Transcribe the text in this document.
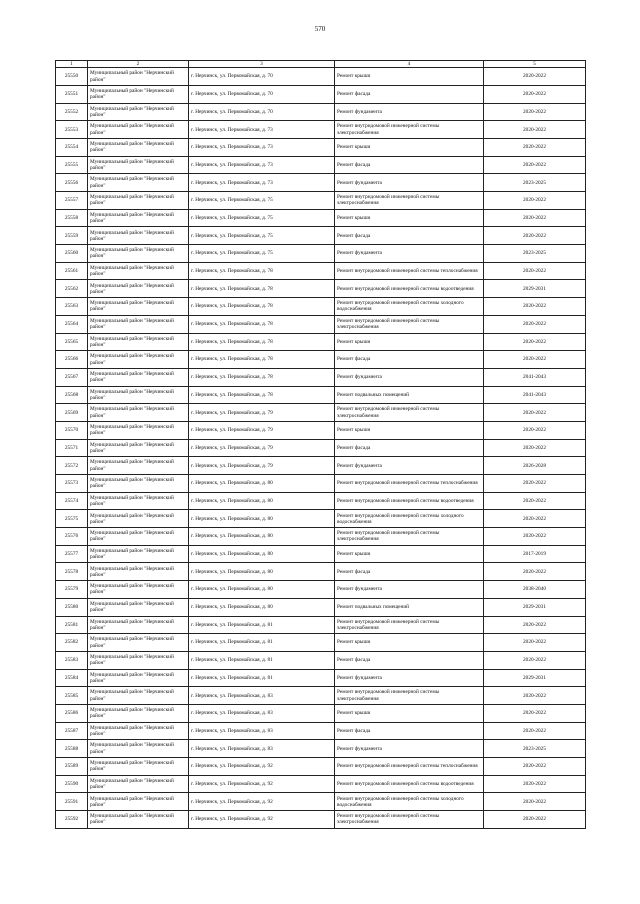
570
1	2	3	4	5
25550	Муниципальный район "Нерчинский район"	г. Нерчинск, ул. Первомайская, д. 70	Ремонт крыши	2020-2022
25551	Муниципальный район "Нерчинский район"	г. Нерчинск, ул. Первомайская, д. 70	Ремонт фасада	2020-2022
25552	Муниципальный район "Нерчинский район"	г. Нерчинск, ул. Первомайская, д. 70	Ремонт фундамента	2020-2022
25553	Муниципальный район "Нерчинский район"	г. Нерчинск, ул. Первомайская, д. 73	Ремонт внутридомовой инженерной системы электроснабжения	2020-2022
25554	Муниципальный район "Нерчинский район"	г. Нерчинск, ул. Первомайская, д. 73	Ремонт крыши	2020-2022
25555	Муниципальный район "Нерчинский район"	г. Нерчинск, ул. Первомайская, д. 73	Ремонт фасада	2020-2022
25556	Муниципальный район "Нерчинский район"	г. Нерчинск, ул. Первомайская, д. 73	Ремонт фундамента	2023-2025
25557	Муниципальный район "Нерчинский район"	г. Нерчинск, ул. Первомайская, д. 75	Ремонт внутридомовой инженерной системы электроснабжения	2020-2022
25558	Муниципальный район "Нерчинский район"	г. Нерчинск, ул. Первомайская, д. 75	Ремонт крыши	2020-2022
25559	Муниципальный район "Нерчинский район"	г. Нерчинск, ул. Первомайская, д. 75	Ремонт фасада	2020-2022
25560	Муниципальный район "Нерчинский район"	г. Нерчинск, ул. Первомайская, д. 75	Ремонт фундамента	2023-2025
25561	Муниципальный район "Нерчинский район"	г. Нерчинск, ул. Первомайская, д. 78	Ремонт внутридомовой инженерной системы теплоснабжения	2020-2022
25562	Муниципальный район "Нерчинский район"	г. Нерчинск, ул. Первомайская, д. 78	Ремонт внутридомовой инженерной системы водоотведения	2029-2031
25563	Муниципальный район "Нерчинский район"	г. Нерчинск, ул. Первомайская, д. 78	Ремонт внутридомовой инженерной системы холодного водоснабжения	2020-2022
25564	Муниципальный район "Нерчинский район"	г. Нерчинск, ул. Первомайская, д. 78	Ремонт внутридомовой инженерной системы электроснабжения	2020-2022
25565	Муниципальный район "Нерчинский район"	г. Нерчинск, ул. Первомайская, д. 78	Ремонт крыши	2020-2022
25566	Муниципальный район "Нерчинский район"	г. Нерчинск, ул. Первомайская, д. 78	Ремонт фасада	2020-2022
25567	Муниципальный район "Нерчинский район"	г. Нерчинск, ул. Первомайская, д. 78	Ремонт фундамента	2041-2043
25568	Муниципальный район "Нерчинский район"	г. Нерчинск, ул. Первомайская, д. 78	Ремонт подвальных помещений	2041-2043
25569	Муниципальный район "Нерчинский район"	г. Нерчинск, ул. Первомайская, д. 79	Ремонт внутридомовой инженерной системы электроснабжения	2020-2022
25570	Муниципальный район "Нерчинский район"	г. Нерчинск, ул. Первомайская, д. 79	Ремонт крыши	2020-2022
25571	Муниципальный район "Нерчинский район"	г. Нерчинск, ул. Первомайская, д. 79	Ремонт фасада	2020-2022
25572	Муниципальный район "Нерчинский район"	г. Нерчинск, ул. Первомайская, д. 79	Ремонт фундамента	2026-2028
25573	Муниципальный район "Нерчинский район"	г. Нерчинск, ул. Первомайская, д. 80	Ремонт внутридомовой инженерной системы теплоснабжения	2020-2022
25574	Муниципальный район "Нерчинский район"	г. Нерчинск, ул. Первомайская, д. 80	Ремонт внутридомовой инженерной системы водоотведения	2020-2022
25575	Муниципальный район "Нерчинский район"	г. Нерчинск, ул. Первомайская, д. 80	Ремонт внутридомовой инженерной системы холодного водоснабжения	2020-2022
25576	Муниципальный район "Нерчинский район"	г. Нерчинск, ул. Первомайская, д. 80	Ремонт внутридомовой инженерной системы электроснабжения	2020-2022
25577	Муниципальный район "Нерчинский район"	г. Нерчинск, ул. Первомайская, д. 80	Ремонт крыши	2017-2019
25578	Муниципальный район "Нерчинский район"	г. Нерчинск, ул. Первомайская, д. 80	Ремонт фасада	2020-2022
25579	Муниципальный район "Нерчинский район"	г. Нерчинск, ул. Первомайская, д. 80	Ремонт фундамента	2038-2040
25580	Муниципальный район "Нерчинский район"	г. Нерчинск, ул. Первомайская, д. 80	Ремонт подвальных помещений	2029-2031
25581	Муниципальный район "Нерчинский район"	г. Нерчинск, ул. Первомайская, д. 81	Ремонт внутридомовой инженерной системы электроснабжения	2020-2022
25582	Муниципальный район "Нерчинский район"	г. Нерчинск, ул. Первомайская, д. 81	Ремонт крыши	2020-2022
25583	Муниципальный район "Нерчинский район"	г. Нерчинск, ул. Первомайская, д. 81	Ремонт фасада	2020-2022
25584	Муниципальный район "Нерчинский район"	г. Нерчинск, ул. Первомайская, д. 81	Ремонт фундамента	2029-2031
25585	Муниципальный район "Нерчинский район"	г. Нерчинск, ул. Первомайская, д. 83	Ремонт внутридомовой инженерной системы электроснабжения	2020-2022
25586	Муниципальный район "Нерчинский район"	г. Нерчинск, ул. Первомайская, д. 83	Ремонт крыши	2020-2022
25587	Муниципальный район "Нерчинский район"	г. Нерчинск, ул. Первомайская, д. 83	Ремонт фасада	2020-2022
25588	Муниципальный район "Нерчинский район"	г. Нерчинск, ул. Первомайская, д. 83	Ремонт фундамента	2023-2025
25589	Муниципальный район "Нерчинский район"	г. Нерчинск, ул. Первомайская, д. 92	Ремонт внутридомовой инженерной системы теплоснабжения	2020-2022
25590	Муниципальный район "Нерчинский район"	г. Нерчинск, ул. Первомайская, д. 92	Ремонт внутридомовой инженерной системы водоотведения	2020-2022
25591	Муниципальный район "Нерчинский район"	г. Нерчинск, ул. Первомайская, д. 92	Ремонт внутридомовой инженерной системы холодного водоснабжения	2020-2022
25592	Муниципальный район "Нерчинский район"	г. Нерчинск, ул. Первомайская, д. 92	Ремонт внутридомовой инженерной системы электроснабжения	2020-2022
